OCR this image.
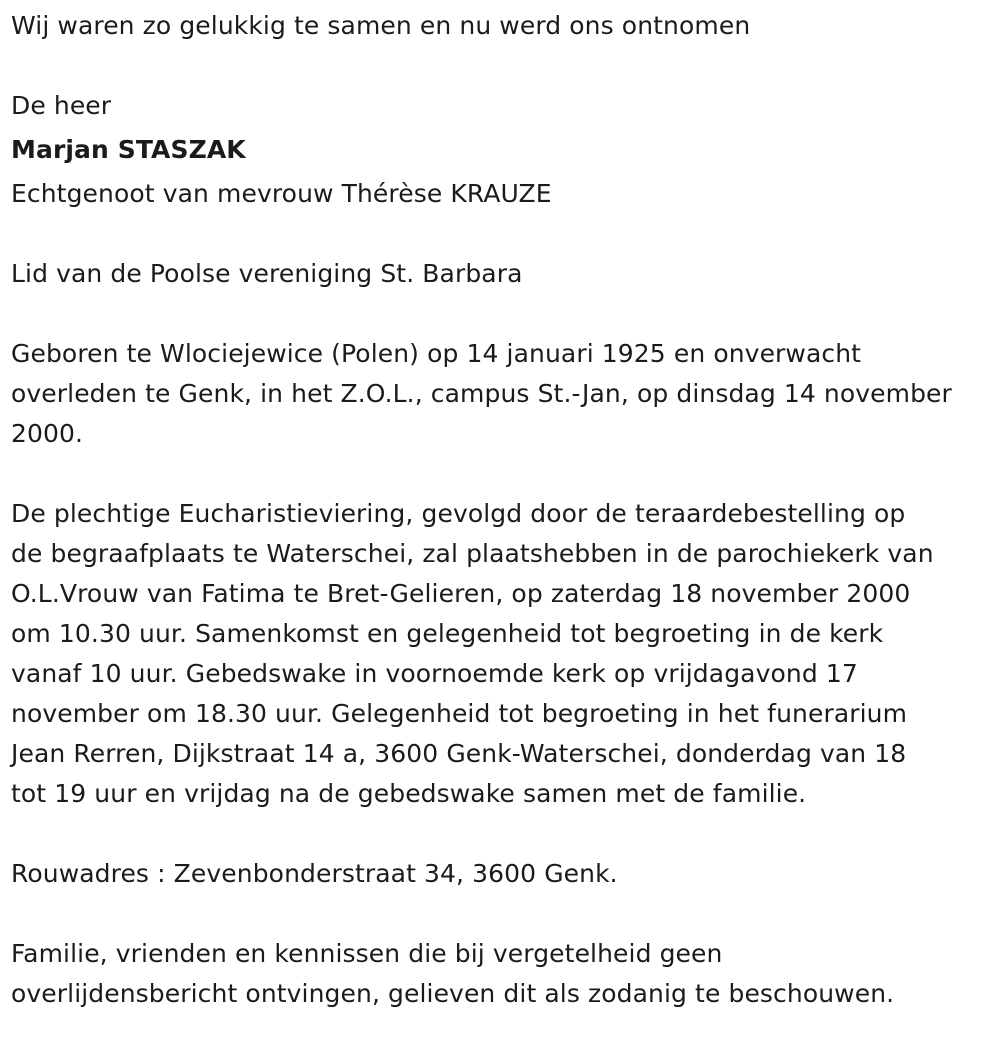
Wij waren zo gelukkig te samen en nu werd ons ontnomen
De heer
Marjan STASZAK
Echtgenoot van mevrouw Thérèse KRAUZE
Lid van de Poolse vereniging St. Barbara
Geboren te Wlociejewice (Polen) op 14 januari 1925 en onverwacht
overleden te Genk, in het Z.O.L., campus St.-Jan, op dinsdag 14 november
2000.
De plechtige Eucharistieviering, gevolgd door de teraardebestelling op
de begraafplaats te Waterschei, zal plaatshebben in de parochiekerk van
O.L.Vrouw van Fatima te Bret-Gelieren, op zaterdag 18 november 2000
om 10.30 uur. Samenkomst en gelegenheid tot begroeting in de kerk
vanaf 10 uur. Gebedswake in voornoemde kerk op vrijdagavond 17
november om 18.30 uur. Gelegenheid tot begroeting in het funerarium
Jean Rerren, Dijkstraat 14 a, 3600 Genk-Waterschei, donderdag van 18
tot 19 uur en vrijdag na de gebedswake samen met de familie.
Rouwadres : Zevenbonderstraat 34, 3600 Genk.
Familie, vrienden en kennissen die bij vergetelheid geen
overlijdensbericht ontvingen, gelieven dit als zodanig te beschouwen.
